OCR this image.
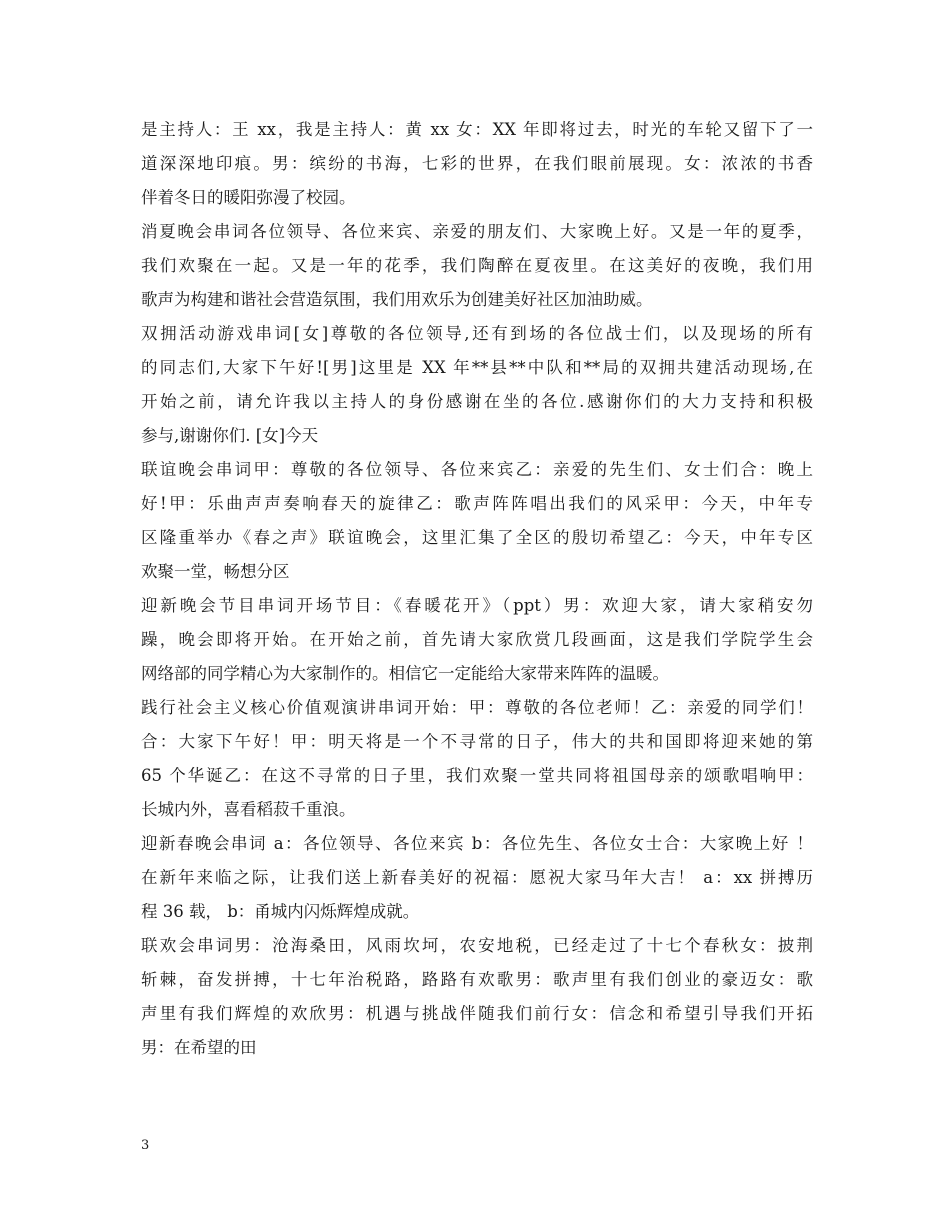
是主持人：王 xx，我是主持人：黄 xx 女：XX 年即将过去，时光的车轮又留下了一
道深深地印痕。男：缤纷的书海，七彩的世界，在我们眼前展现。女：浓浓的书香
伴着冬日的暖阳弥漫了校园。
消夏晚会串词各位领导、各位来宾、亲爱的朋友们、大家晚上好。又是一年的夏季，
我们欢聚在一起。又是一年的花季，我们陶醉在夏夜里。在这美好的夜晚，我们用
歌声为构建和谐社会营造氛围，我们用欢乐为创建美好社区加油助威。
双拥活动游戏串词[女]尊敬的各位领导,还有到场的各位战士们，以及现场的所有
的同志们,大家下午好![男]这里是 XX 年**县**中队和**局的双拥共建活动现场,在
开始之前，请允许我以主持人的身份感谢在坐的各位.感谢你们的大力支持和积极
参与,谢谢你们. [女]今天
联谊晚会串词甲：尊敬的各位领导、各位来宾乙：亲爱的先生们、女士们合：晚上
好!甲：乐曲声声奏响春天的旋律乙：歌声阵阵唱出我们的风采甲：今天，中年专
区隆重举办《春之声》联谊晚会，这里汇集了全区的殷切希望乙：今天，中年专区
欢聚一堂，畅想分区
迎新晚会节目串词开场节目：《春暖花开》（ppt）男：欢迎大家，请大家稍安勿
躁，晚会即将开始。在开始之前，首先请大家欣赏几段画面，这是我们学院学生会
网络部的同学精心为大家制作的。相信它一定能给大家带来阵阵的温暖。
践行社会主义核心价值观演讲串词开始：甲：尊敬的各位老师！乙：亲爱的同学们！
合：大家下午好！甲：明天将是一个不寻常的日子，伟大的共和国即将迎来她的第
65 个华诞乙：在这不寻常的日子里，我们欢聚一堂共同将祖国母亲的颂歌唱响甲：
长城内外，喜看稻菽千重浪。
迎新春晚会串词 a：各位领导、各位来宾 b：各位先生、各位女士合：大家晚上好 ！
在新年来临之际，让我们送上新春美好的祝福：愿祝大家马年大吉！ a：xx 拼搏历
程 36 载， b：甬城内闪烁辉煌成就。
联欢会串词男：沧海桑田，风雨坎坷，农安地税，已经走过了十七个春秋女：披荆
斩棘，奋发拼搏，十七年治税路，路路有欢歌男：歌声里有我们创业的豪迈女：歌
声里有我们辉煌的欢欣男：机遇与挑战伴随我们前行女：信念和希望引导我们开拓
男：在希望的田
3
